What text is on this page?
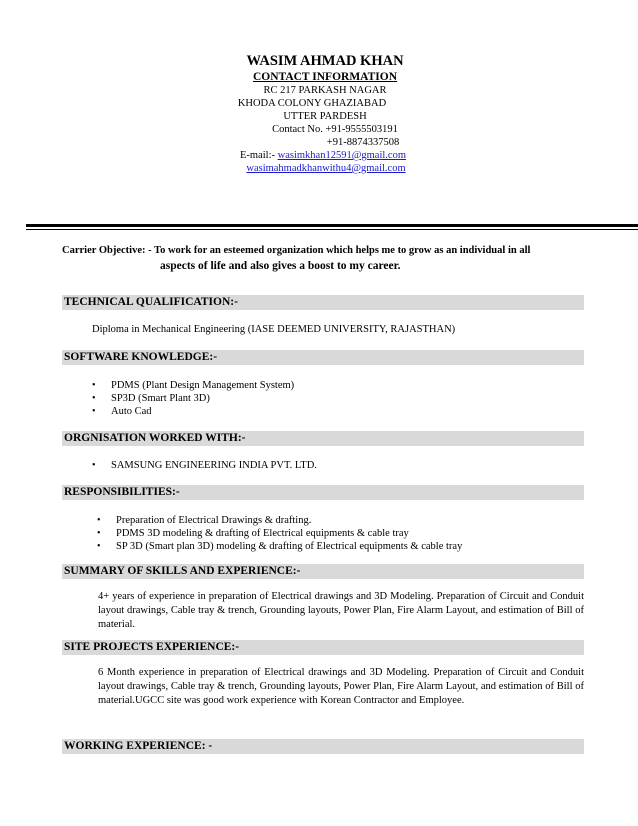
WASIM AHMAD KHAN
CONTACT INFORMATION
RC 217 PARKASH NAGAR
KHODA COLONY GHAZIABAD
UTTER PARDESH
Contact No. +91-9555503191
+91-8874337508
E-mail:- wasimkhan12591@gmail.com
wasimahmadkhanwithu4@gmail.com
Carrier Objective: - To work for an esteemed organization which helps me to grow as an individual in all
aspects of life and also gives a boost to my career.
TECHNICAL QUALIFICATION:-
Diploma in Mechanical Engineering (IASE DEEMED UNIVERSITY, RAJASTHAN)
SOFTWARE KNOWLEDGE:-
• PDMS (Plant Design Management System)
• SP3D (Smart Plant 3D)
• Auto Cad
ORGNISATION WORKED WITH:-
• SAMSUNG ENGINEERING INDIA PVT. LTD.
RESPONSIBILITIES:-
• Preparation of Electrical Drawings & drafting.
• PDMS 3D modeling & drafting of Electrical equipments & cable tray
• SP 3D (Smart plan 3D) modeling & drafting of Electrical equipments & cable tray
SUMMARY OF SKILLS AND EXPERIENCE:-
4+ years of experience in preparation of Electrical drawings and 3D Modeling. Preparation of Circuit and Conduit layout drawings, Cable tray & trench, Grounding layouts, Power Plan, Fire Alarm Layout, and estimation of Bill of material.
SITE PROJECTS EXPERIENCE:-
6 Month experience in preparation of Electrical drawings and 3D Modeling. Preparation of Circuit and Conduit layout drawings, Cable tray & trench, Grounding layouts, Power Plan, Fire Alarm Layout, and estimation of Bill of material.UGCC site was good work experience with Korean Contractor and Employee.
WORKING EXPERIENCE: -
